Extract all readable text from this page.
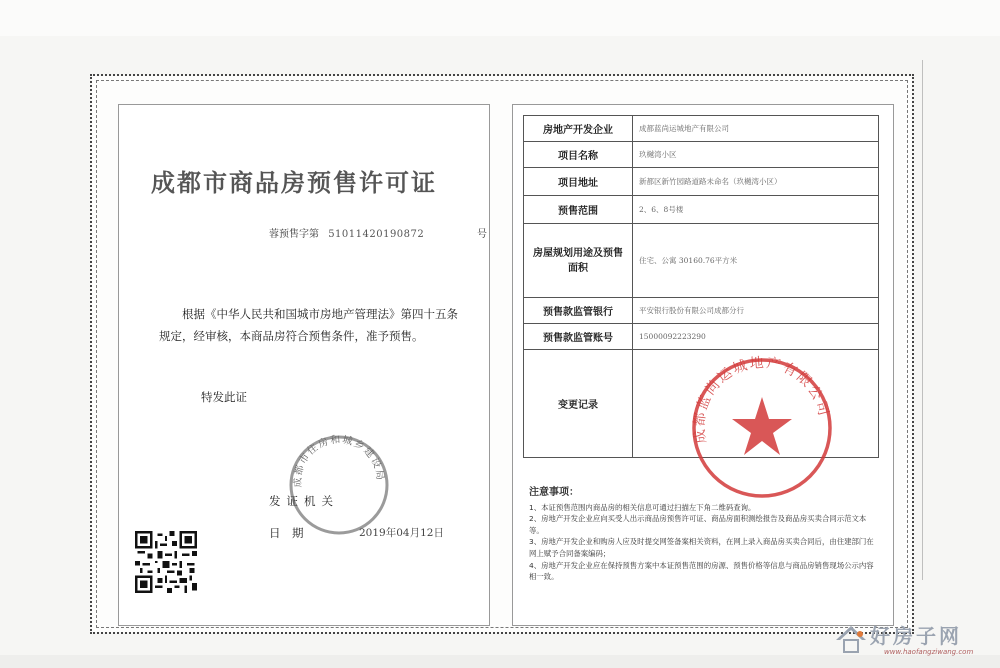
成都市商品房预售许可证
蓉预售字第 51011420190872	号
根据《中华人民共和国城市房地产管理法》第四十五条规定，经审核，本商品房符合预售条件，准予预售。
特发此证
成都市住房和城乡建设局
发证机关
日　期	2019年04月12日
房地产开发企业	成都蓝尚运城地产有限公司
项目名称	玖樾湾小区
项目地址	新都区新竹园路道路未命名（玖樾湾小区）
预售范围	2、6、8号楼
房屋规划用途及预售面积	住宅、公寓 30160.76平方米
预售款监管银行	平安银行股份有限公司成都分行
预售款监管账号	15000092223290
变更记录	
成都蓝尚运城地产有限公司
注意事项：
1、本证预售范围内商品房的相关信息可通过扫描左下角二维码查询。
2、房地产开发企业应向买受人出示商品房预售许可证、商品房面积测绘报告及商品房买卖合同示范文本等。
3、房地产开发企业和购房人应及时提交网签备案相关资料，在网上录入商品房买卖合同后，由住建部门在网上赋予合同备案编码；
4、房地产开发企业应在保持预售方案中本证预售范围的房源、预售价格等信息与商品房销售现场公示内容相一致。
好房子网
www.haofangziwang.com
